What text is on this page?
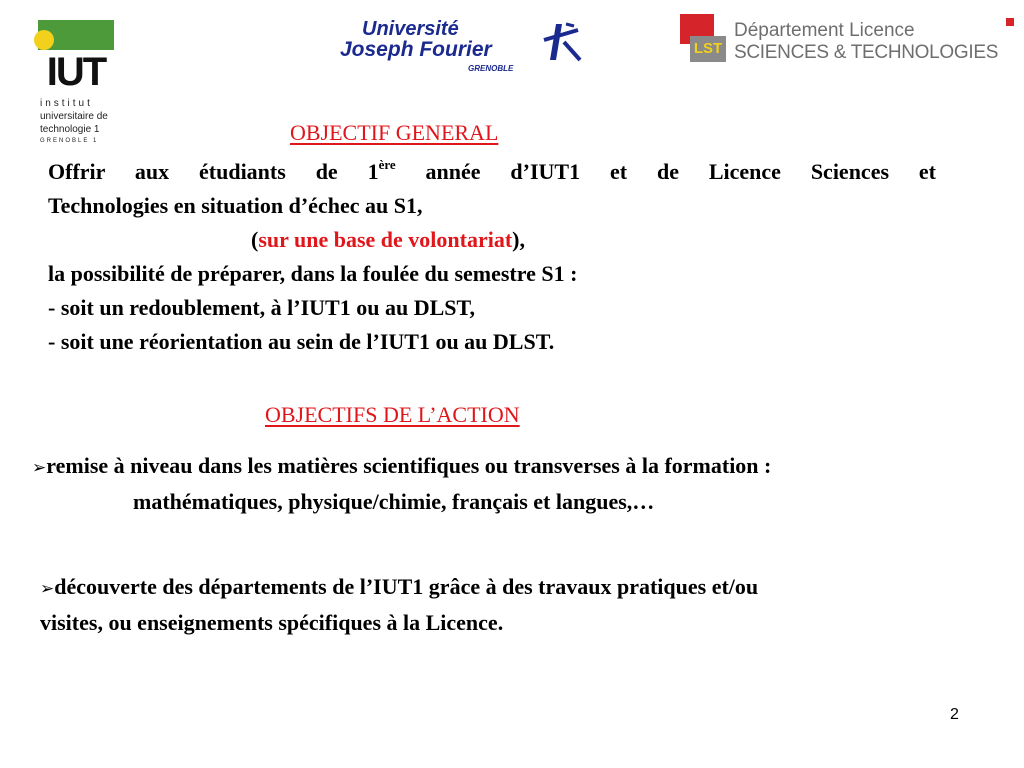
IUT
institut
universitaire de
technologie 1
GRENOBLE 1
Université
Joseph Fourier
GRENOBLE
LST
Département Licence
SCIENCES & TECHNOLOGIES
OBJECTIF GENERAL
Offrir aux étudiants de 1ère année d’IUT1 et de Licence Sciences et
Technologies en situation d’échec au S1,
(sur une base de volontariat),
la possibilité de préparer, dans la foulée du semestre S1 :
- soit un redoublement, à l’IUT1 ou au DLST,
- soit une réorientation au sein de l’IUT1 ou au DLST.
OBJECTIFS DE L’ACTION
➢remise à niveau dans les matières scientifiques ou transverses à la formation :
mathématiques, physique/chimie, français et langues,…
➢découverte des départements de l’IUT1 grâce à des travaux pratiques et/ou
visites, ou enseignements spécifiques à la Licence.
2
